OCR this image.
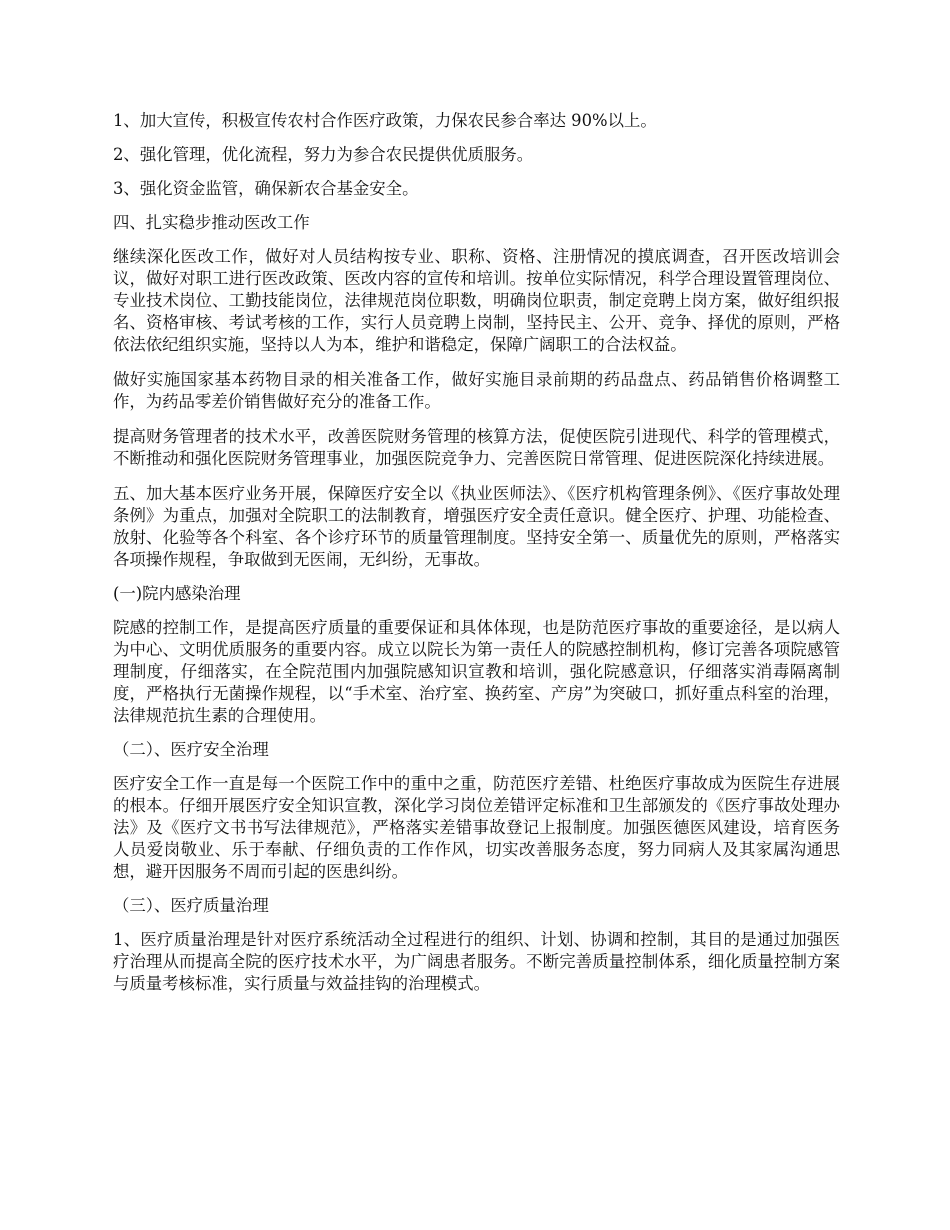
1、加大宣传，积极宣传农村合作医疗政策，力保农民参合率达 90%以上。

2、强化管理，优化流程，努力为参合农民提供优质服务。

3、强化资金监管，确保新农合基金安全。

四、扎实稳步推动医改工作

继续深化医改工作，做好对人员结构按专业、职称、资格、注册情况的摸底调查，召开医改培训会议，做好对职工进行医改政策、医改内容的宣传和培训。按单位实际情况，科学合理设置管理岗位、专业技术岗位、工勤技能岗位，法律规范岗位职数，明确岗位职责，制定竞聘上岗方案，做好组织报名、资格审核、考试考核的工作，实行人员竞聘上岗制，坚持民主、公开、竞争、择优的原则，严格依法依纪组织实施，坚持以人为本，维护和谐稳定，保障广阔职工的合法权益。

做好实施国家基本药物目录的相关准备工作，做好实施目录前期的药品盘点、药品销售价格调整工作，为药品零差价销售做好充分的准备工作。

提高财务管理者的技术水平，改善医院财务管理的核算方法，促使医院引进现代、科学的管理模式，不断推动和强化医院财务管理事业，加强医院竞争力、完善医院日常管理、促进医院深化持续进展。

五、加大基本医疗业务开展，保障医疗安全以《执业医师法》、《医疗机构管理条例》、《医疗事故处理条例》为重点，加强对全院职工的法制教育，增强医疗安全责任意识。健全医疗、护理、功能检查、放射、化验等各个科室、各个诊疗环节的质量管理制度。坚持安全第一、质量优先的原则，严格落实各项操作规程，争取做到无医闹，无纠纷，无事故。

(一)院内感染治理

院感的控制工作，是提高医疗质量的重要保证和具体体现，也是防范医疗事故的重要途径，是以病人为中心、文明优质服务的重要内容。成立以院长为第一责任人的院感控制机构，修订完善各项院感管理制度，仔细落实，在全院范围内加强院感知识宣教和培训，强化院感意识，仔细落实消毒隔离制度，严格执行无菌操作规程，以“手术室、治疗室、换药室、产房”为突破口，抓好重点科室的治理，法律规范抗生素的合理使用。

（二）、医疗安全治理

医疗安全工作一直是每一个医院工作中的重中之重，防范医疗差错、杜绝医疗事故成为医院生存进展的根本。仔细开展医疗安全知识宣教，深化学习岗位差错评定标准和卫生部颁发的《医疗事故处理办法》及《医疗文书书写法律规范》，严格落实差错事故登记上报制度。加强医德医风建设，培育医务人员爱岗敬业、乐于奉献、仔细负责的工作作风，切实改善服务态度，努力同病人及其家属沟通思想，避开因服务不周而引起的医患纠纷。

（三）、医疗质量治理

1、医疗质量治理是针对医疗系统活动全过程进行的组织、计划、协调和控制，其目的是通过加强医疗治理从而提高全院的医疗技术水平，为广阔患者服务。不断完善质量控制体系，细化质量控制方案与质量考核标准，实行质量与效益挂钩的治理模式。
